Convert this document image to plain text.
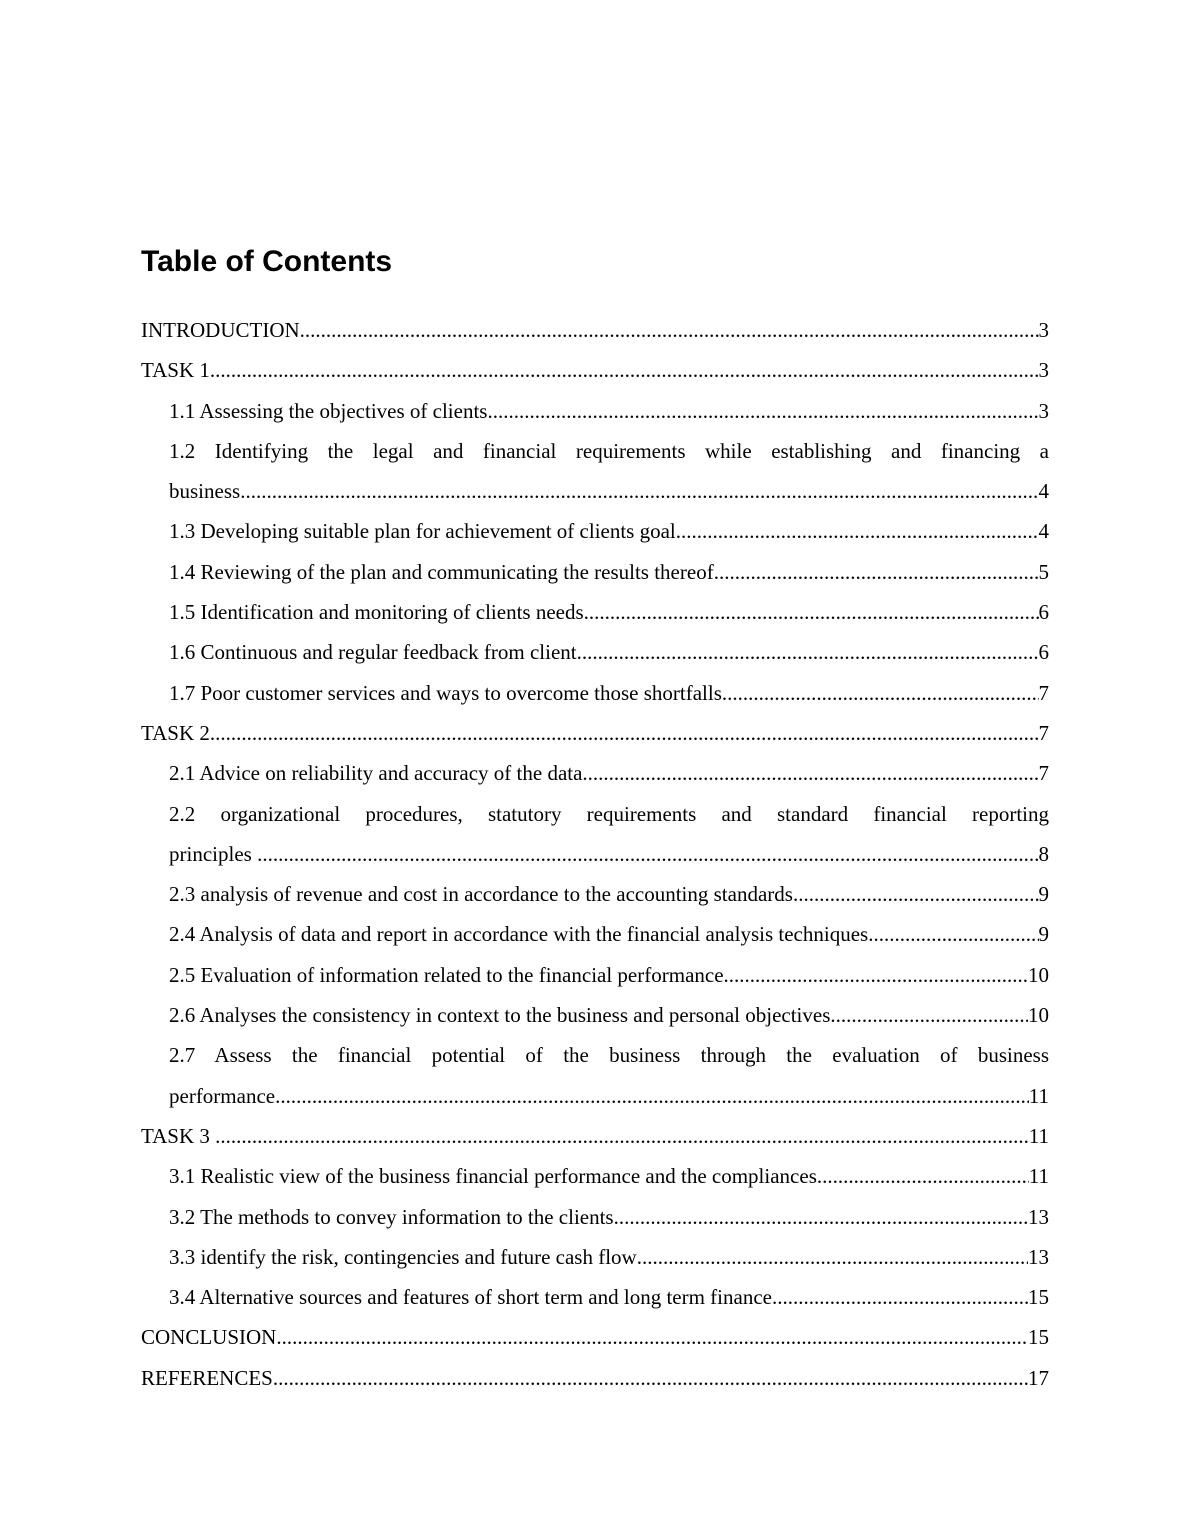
Table of Contents
INTRODUCTION .....	3
TASK 1 .....	3
1.1 Assessing the objectives of clients .....	3
1.2 Identifying the legal and financial requirements while establishing and financing a
business .....	4
1.3 Developing suitable plan for achievement of clients goal .....	4
1.4 Reviewing of the plan and communicating the results thereof .....	5
1.5 Identification and monitoring of clients needs .....	6
1.6 Continuous and regular feedback from client .....	6
1.7 Poor customer services and ways to overcome those shortfalls .....	7
TASK 2 .....	7
2.1 Advice on reliability and accuracy of the data .....	7
2.2 organizational procedures, statutory requirements and standard financial reporting
principles .....	8
2.3 analysis of revenue and cost in accordance to the accounting standards .....	9
2.4 Analysis of data and report in accordance with the financial analysis techniques .....	9
2.5 Evaluation of information related to the financial performance .....	10
2.6 Analyses the consistency in context to the business and personal objectives .....	10
2.7 Assess the financial potential of the business through the evaluation of business
performance .....	11
TASK 3 .....	11
3.1 Realistic view of the business financial performance and the compliances .....	11
3.2 The methods to convey information to the clients .....	13
3.3 identify the risk, contingencies and future cash flow .....	13
3.4 Alternative sources and features of short term and long term finance .....	15
CONCLUSION .....	15
REFERENCES .....	17
